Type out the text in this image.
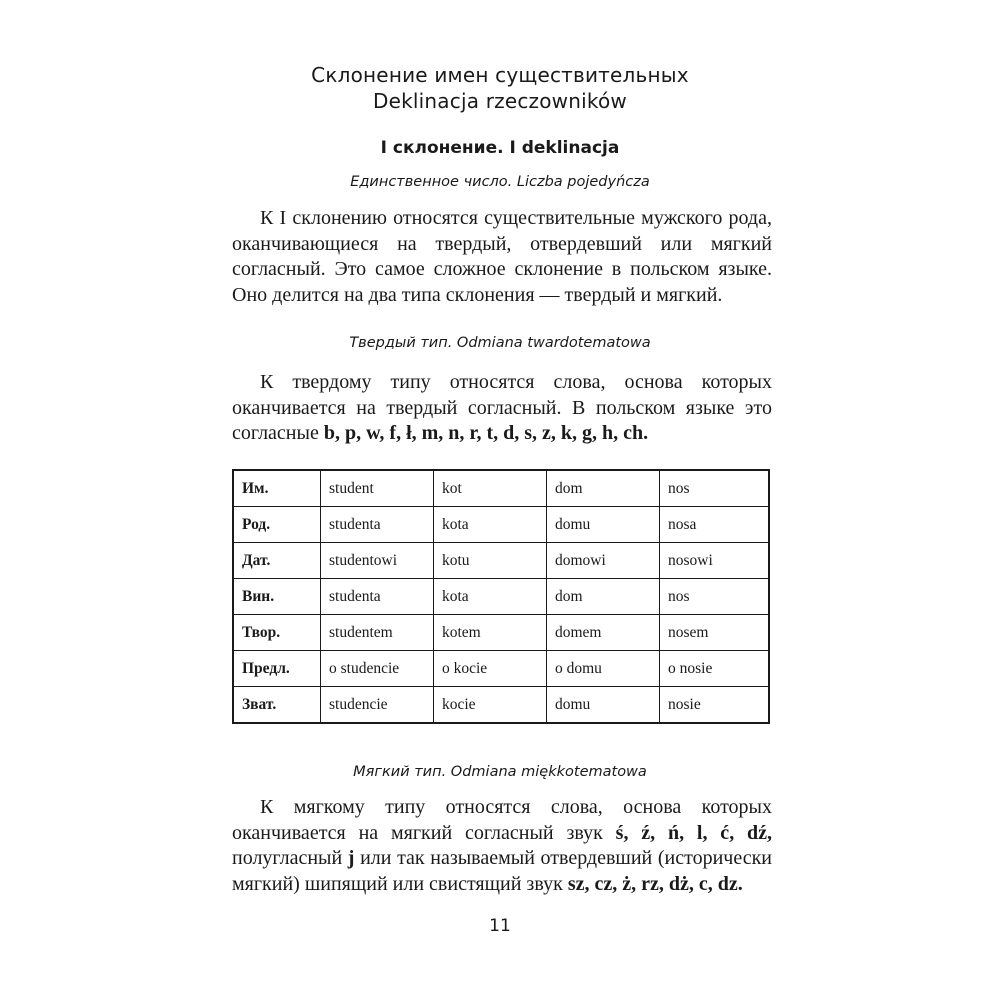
Склонение имен существительных
Deklinacja rzeczowników
I склонение. I deklinacja
Единственное число. Liczba pojedyńcza

К I склонению относятся существительные мужского рода, оканчивающиеся на твердый, отвердевший или мягкий согласный. Это самое сложное склонение в польском языке. Оно делится на два типа склонения — твердый и мягкий.

Твердый тип. Odmiana twardotematowa

К твердому типу относятся слова, основа которых оканчивается на твердый согласный. В польском языке это согласные b, p, w, f, ł, m, n, r, t, d, s, z, k, g, h, ch.

Им.	student	kot	dom	nos
Род.	studenta	kota	domu	nosa
Дат.	studentowi	kotu	domowi	nosowi
Вин.	studenta	kota	dom	nos
Твор.	studentem	kotem	domem	nosem
Предл.	o studencie	o kocie	o domu	o nosie
Зват.	studencie	kocie	domu	nosie
Мягкий тип. Odmiana miękkotematowa

К мягкому типу относятся слова, основа которых оканчивается на мягкий согласный звук ś, ź, ń, l, ć, dź, полугласный j или так называемый отвердевший (исторически мягкий) шипящий или свистящий звук sz, cz, ż, rz, dż, c, dz.

11
